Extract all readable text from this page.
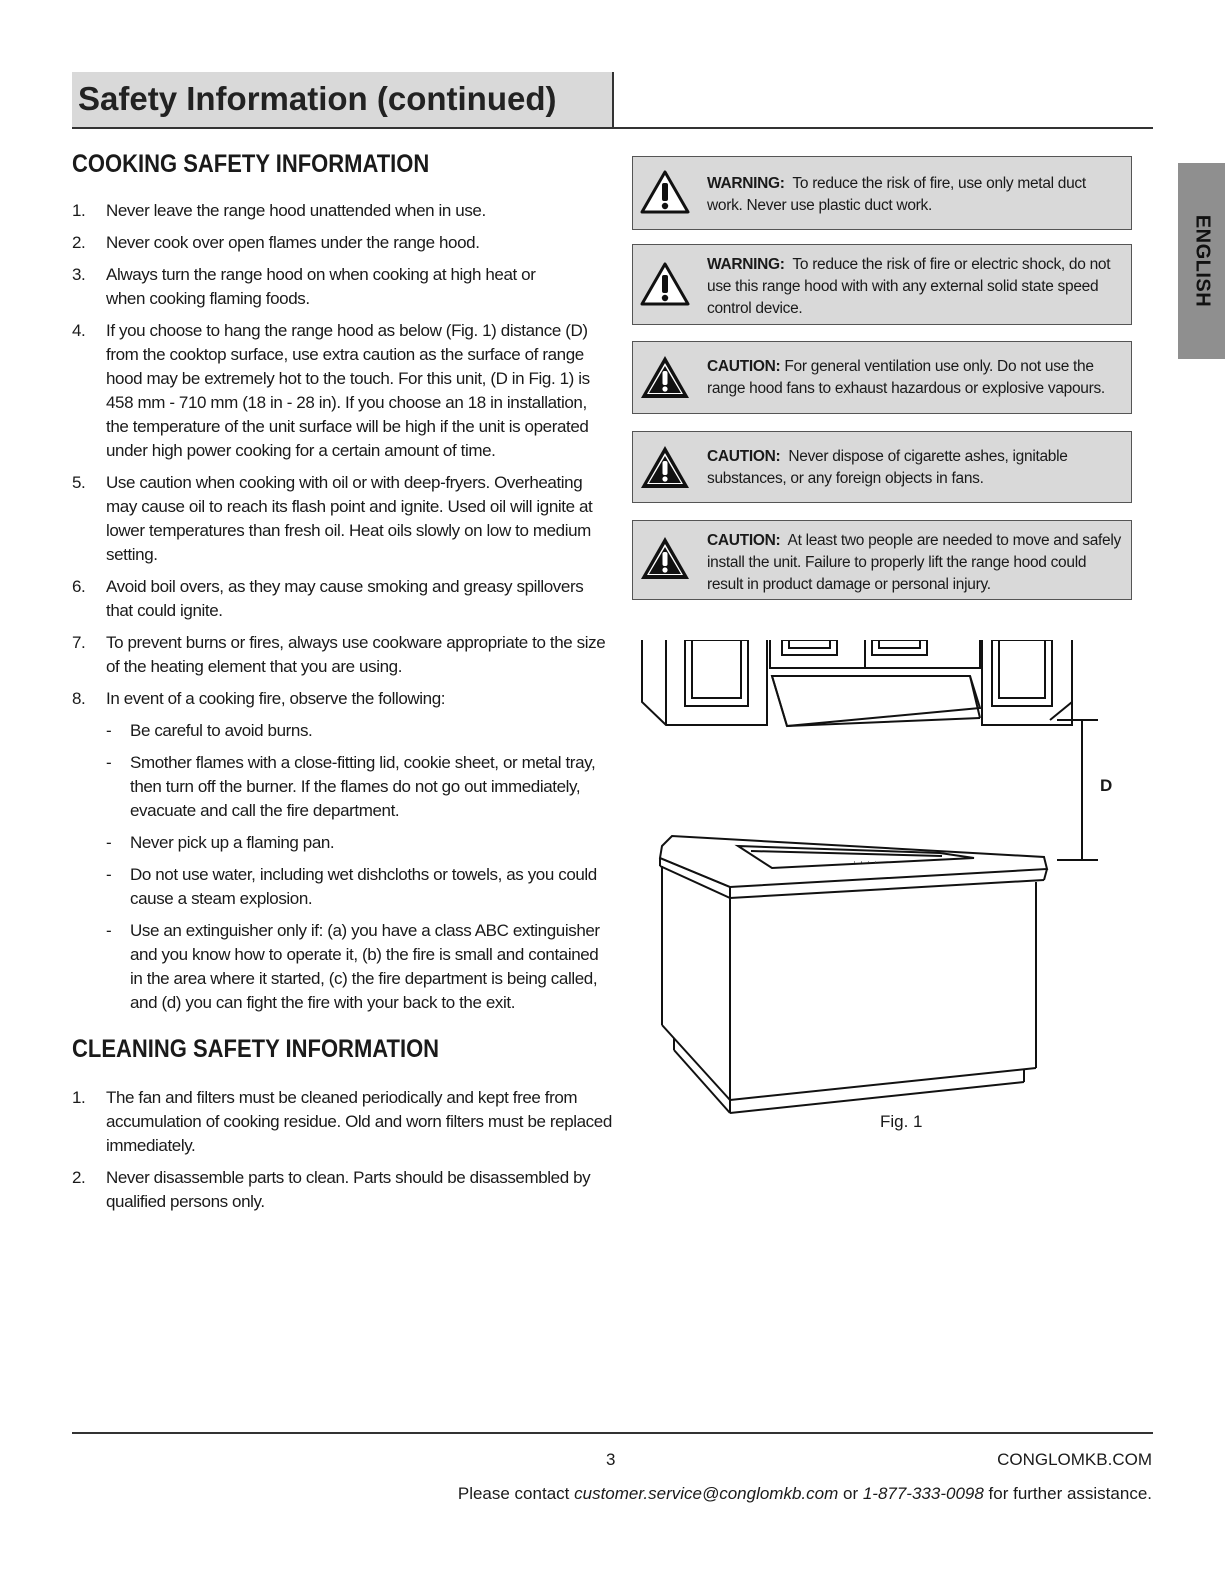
Safety Information (continued)
ENGLISH
COOKING SAFETY INFORMATION
1. Never leave the range hood unattended when in use.
2. Never cook over open flames under the range hood.
3. Always turn the range hood on when cooking at high heat or when cooking flaming foods.
4. If you choose to hang the range hood as below (Fig. 1) distance (D) from the cooktop surface, use extra caution as the surface of range hood may be extremely hot to the touch. For this unit, (D in Fig. 1) is 458 mm - 710 mm (18 in - 28 in). If you choose an 18 in installation, the temperature of the unit surface will be high if the unit is operated under high power cooking for a certain amount of time.
5. Use caution when cooking with oil or with deep-fryers. Overheating may cause oil to reach its flash point and ignite. Used oil will ignite at lower temperatures than fresh oil. Heat oils slowly on low to medium setting.
6. Avoid boil overs, as they may cause smoking and greasy spillovers that could ignite.
7. To prevent burns or fires, always use cookware appropriate to the size of the heating element that you are using.
8. In event of a cooking fire, observe the following:
- Be careful to avoid burns.
- Smother flames with a close-fitting lid, cookie sheet, or metal tray, then turn off the burner. If the flames do not go out immediately, evacuate and call the fire department.
- Never pick up a flaming pan.
- Do not use water, including wet dishcloths or towels, as you could cause a steam explosion.
- Use an extinguisher only if: (a) you have a class ABC extinguisher and you know how to operate it, (b) the fire is small and contained in the area where it started, (c) the fire department is being called, and (d) you can fight the fire with your back to the exit.
CLEANING SAFETY INFORMATION
1. The fan and filters must be cleaned periodically and kept free from accumulation of cooking residue. Old and worn filters must be replaced immediately.
2. Never disassemble parts to clean. Parts should be disassembled by qualified persons only.
WARNING: To reduce the risk of fire, use only metal duct work. Never use plastic duct work.
WARNING: To reduce the risk of fire or electric shock, do not use this range hood with with any external solid state speed control device.
CAUTION: For general ventilation use only. Do not use the range hood fans to exhaust hazardous or explosive vapours.
CAUTION: Never dispose of cigarette ashes, ignitable substances, or any foreign objects in fans.
CAUTION: At least two people are needed to move and safely install the unit. Failure to properly lift the range hood could result in product damage or personal injury.
D
Fig. 1
3	CONGLOMKB.COM
Please contact customer.service@conglomkb.com or 1-877-333-0098 for further assistance.
